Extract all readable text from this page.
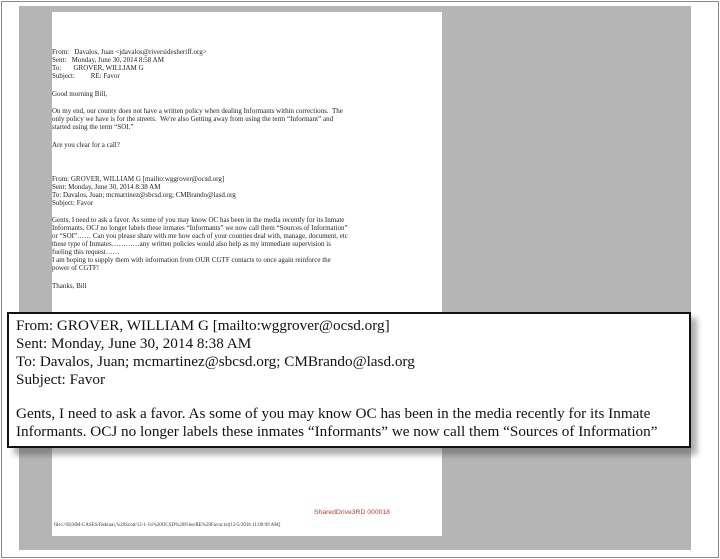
From:   Davalos, Juan <jdavalos@riversidesheriff.org>
Sent:   Monday, June 30, 2014 8:58 AM
To:       GROVER, WILLIAM G
Subject:         RE: Favor
Good morning Bill,
On my end, our county does not have a written policy when dealing Informants within corrections.  The
only policy we have is for the streets.  We're also Getting away from using the term “Informant” and
started using the term “SOI.”
Are you clear for a call?
From: GROVER, WILLIAM G [mailto:wggrover@ocsd.org]
Sent: Monday, June 30, 2014 8:38 AM
To: Davalos, Juan; mcmartinez@sbcsd.org; CMBrando@lasd.org
Subject: Favor
Gents, I need to ask a favor. As some of you may know OC has been in the media recently for its Inmate
Informants. OCJ no longer labels these inmates “Informants” we now call them “Sources of Information”
or “SOI”…… Can you please share with me how each of your counties deal with, manage, document, etc
these type of Inmates…………any written policies would also help as my immediate supervision is
fueling this request……
I am hoping to supply them with information from OUR CGTF contacts to once again reinforce the
power of CGTF!
Thanks, Bill
SharedDrive3RD 000018
file:///H|/HM-CASES/Dekraai,%20Scott/12-1-1o%20OCSD%20Files/RE%20Favor.txt[12/5/2016 11:00:09 AM]
From: GROVER, WILLIAM G [mailto:wggrover@ocsd.org]
Sent: Monday, June 30, 2014 8:38 AM
To: Davalos, Juan; mcmartinez@sbcsd.org; CMBrando@lasd.org
Subject: Favor
Gents, I need to ask a favor. As some of you may know OC has been in the media recently for its Inmate
Informants. OCJ no longer labels these inmates “Informants” we now call them “Sources of Information”
